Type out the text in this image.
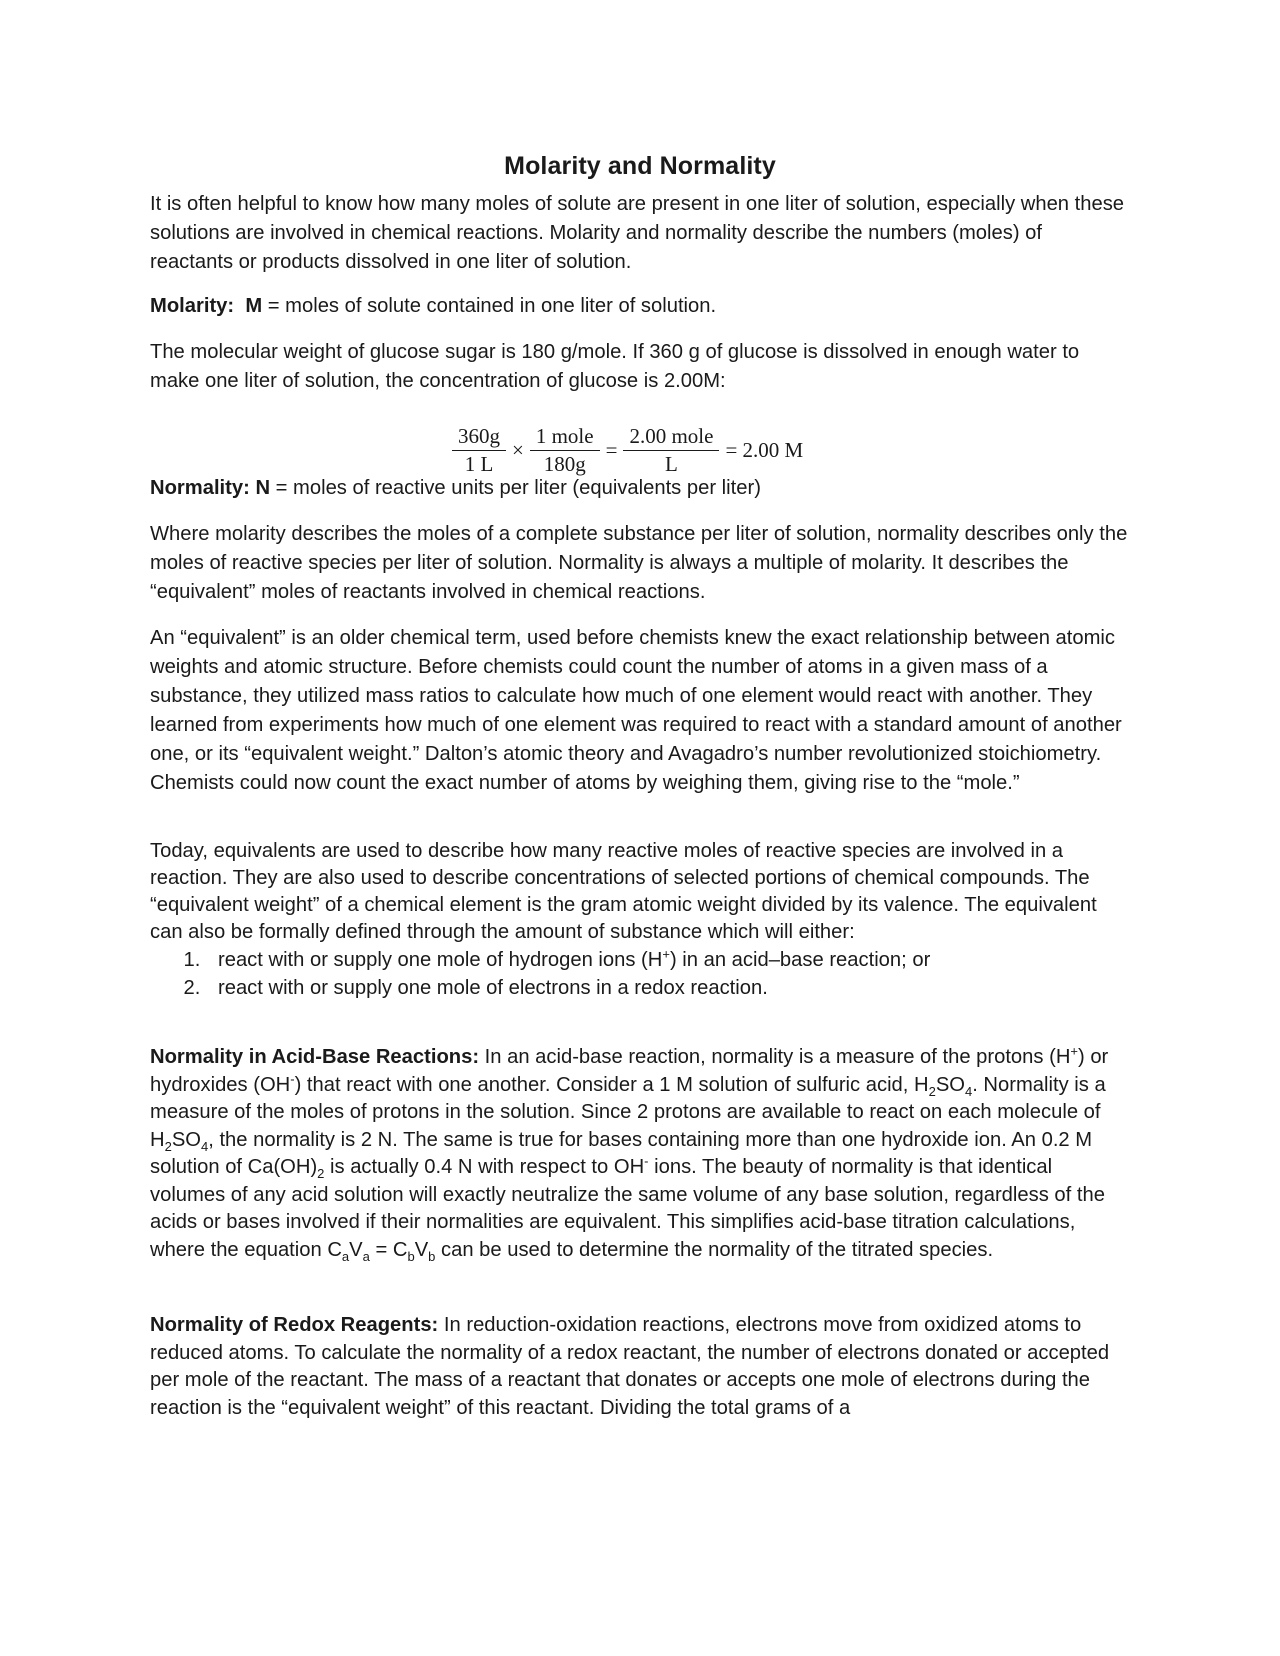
Molarity and Normality

It is often helpful to know how many moles of solute are present in one liter of solution, especially when these solutions are involved in chemical reactions. Molarity and normality describe the numbers (moles) of reactants or products dissolved in one liter of solution.

Molarity: M = moles of solute contained in one liter of solution.

The molecular weight of glucose sugar is 180 g/mole. If 360 g of glucose is dissolved in enough water to make one liter of solution, the concentration of glucose is 2.00M:

$\frac{360g}{1 L} \times \frac{\text{1 mole}}{180g} = \frac{\text{2.00 mole}}{L} = 2.00$ M

Normality: N = moles of reactive units per liter (equivalents per liter)

Where molarity describes the moles of a complete substance per liter of solution, normality describes only the moles of reactive species per liter of solution. Normality is always a multiple of molarity. It describes the “equivalent” moles of reactants involved in chemical reactions.

An “equivalent” is an older chemical term, used before chemists knew the exact relationship between atomic weights and atomic structure. Before chemists could count the number of atoms in a given mass of a substance, they utilized mass ratios to calculate how much of one element would react with another. They learned from experiments how much of one element was required to react with a standard amount of another one, or its “equivalent weight.” Dalton’s atomic theory and Avagadro’s number revolutionized stoichiometry. Chemists could now count the exact number of atoms by weighing them, giving rise to the “mole.”

Today, equivalents are used to describe how many reactive moles of reactive species are involved in a reaction. They are also used to describe concentrations of selected portions of chemical compounds. The “equivalent weight” of a chemical element is the gram atomic weight divided by its valence. The equivalent can also be formally defined through the amount of substance which will either:

1. react with or supply one mole of hydrogen ions (H+) in an acid–base reaction; or
2. react with or supply one mole of electrons in a redox reaction.

Normality in Acid-Base Reactions: In an acid-base reaction, normality is a measure of the protons (H+) or hydroxides (OH-) that react with one another. Consider a 1 M solution of sulfuric acid, $H_2SO_4$. Normality is a measure of the moles of protons in the solution. Since 2 protons are available to react on each molecule of $H_2SO_4$, the normality is 2 N. The same is true for bases containing more than one hydroxide ion. An 0.2 M solution of $Ca(OH)_2$ is actually 0.4 N with respect to OH- ions. The beauty of normality is that identical volumes of any acid solution will exactly neutralize the same volume of any base solution, regardless of the acids or bases involved if their normalities are equivalent. This simplifies acid-base titration calculations, where the equation $C_aV_a = C_bV_b$ can be used to determine the normality of the titrated species.

Normality of Redox Reagents: In reduction-oxidation reactions, electrons move from oxidized atoms to reduced atoms. To calculate the normality of a redox reactant, the number of electrons donated or accepted per mole of the reactant. The mass of a reactant that donates or accepts one mole of electrons during the reaction is the “equivalent weight” of this reactant. Dividing the total grams of a
